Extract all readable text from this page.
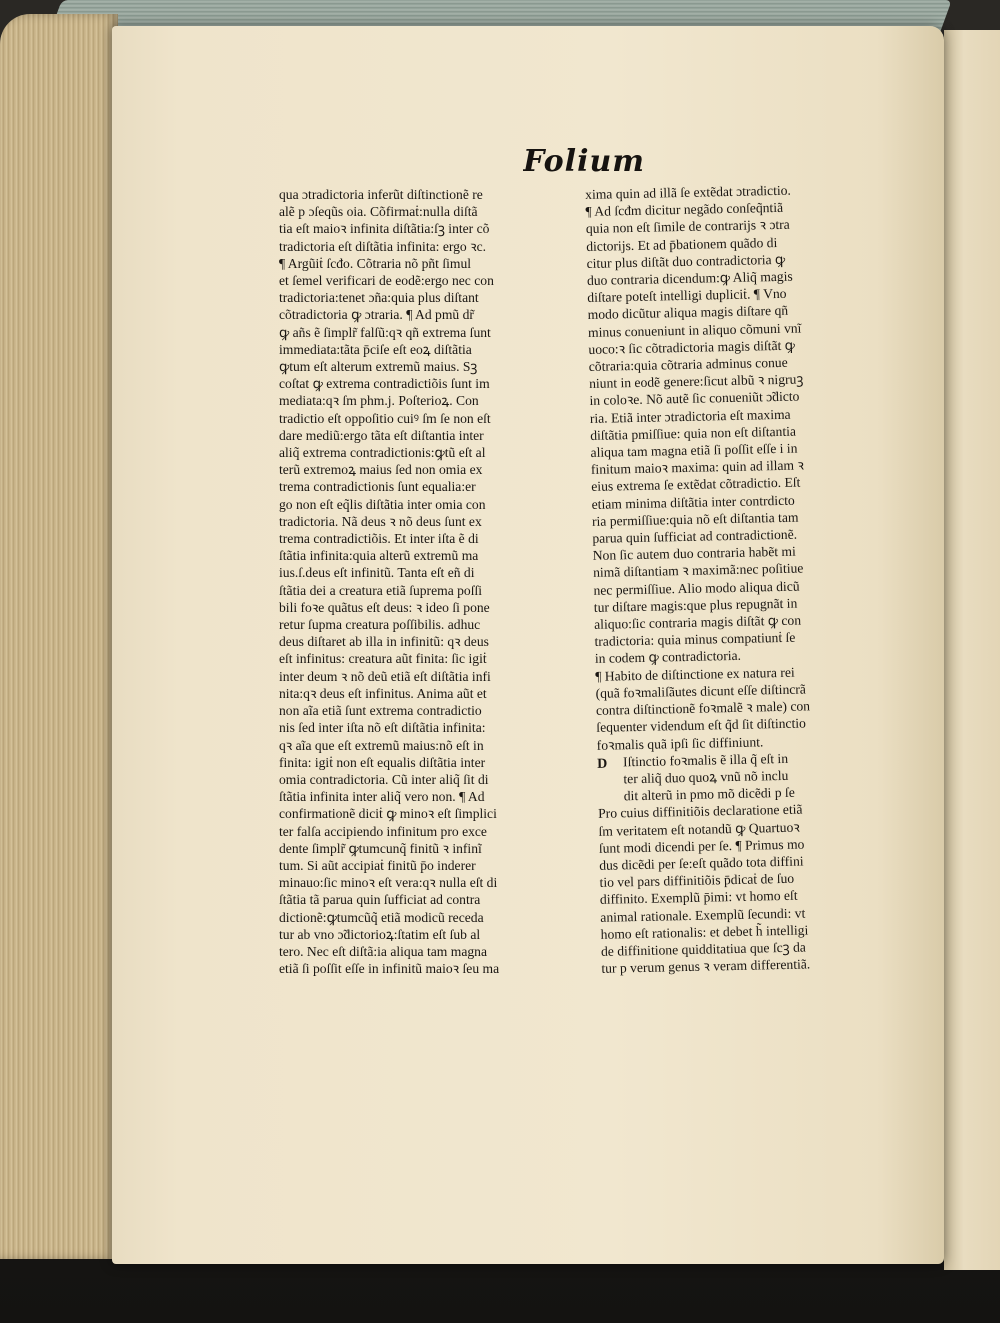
Folium
qua ɔtradictoria inferũt diſtinctionẽ re
alẽ p ɔſeqũs oia. Cõfirmaṫ:nulla diſtã
tia eſt maioꝛ infinita diſtãtia:ſꝫ inter cõ
tradictoria eſt diſtãtia infinita: ergo ꝛc.
¶ Argũiṫ ſcđo. Cõtraria nõ pñt ſimul
et ſemel verificari de eodẽ:ergo nec con
tradictoria:tenet ɔña:quia plus diſtant
cõtradictoria ꝙ ɔtraria. ¶ Ad pmũ dr̃
ꝙ añs ẽ ſimplr̃ falſũ:qꝛ qñ extrema ſunt
immediata:tãta p̄ciſe eſt eoꝝ diſtãtia
ꝙtum eſt alterum extremũ maius. Sꝫ
coſtat ꝙ extrema contradictiõis ſunt im
mediata:qꝛ ſm phm.j. Poſterioꝝ. Con
tradictio eſt oppoſitio cuiꝰ ſm ſe non eſt
dare mediũ:ergo tãta eſt diſtantia inter
aliq̃ extrema contradictionis:ꝙtũ eſt al
terũ extremoꝝ maius ſed non omia ex
trema contradictionis ſunt equalia:er
go non eſt eq̃lis diſtãtia inter omia con
tradictoria. Nã deus ꝛ nõ deus ſunt ex
trema contradictiõis. Et inter iſta ẽ di
ſtãtia infinita:quia alterũ extremũ ma
ius.ſ.deus eſt infinitũ. Tanta eſt eñ di
ſtãtia dei a creatura etiã ſuprema poſſi
bili foꝛe quãtus eſt deus: ꝛ ideo ſi pone
retur ſupma creatura poſſibilis. adhuc
deus diſtaret ab illa in infinitũ: qꝛ deus
eſt infinitus: creatura aũt finita: ſic igiṫ
inter deum ꝛ nõ deũ etiã eſt diſtãtia infi
nita:qꝛ deus eſt infinitus. Anima aũt et
non aĩa etiã ſunt extrema contradictio
nis ſed inter iſta nõ eſt diſtãtia infinita:
qꝛ aĩa que eſt extremũ maius:nõ eſt in
finita: igiṫ non eſt equalis diſtãtia inter
omia contradictoria. Cũ inter aliq̃ ſit di
ſtãtia infinita inter aliq̃ vero non. ¶ Ad
confirmationẽ diciṫ ꝙ minoꝛ eſt ſimplici
ter falſa accipiendo infinitum pro exce
dente ſimplr̃ ꝙtumcunq̃ finitũ ꝛ infinĩ
tum. Si aũt accipiaṫ finitũ p̄o inderer
minauo:ſic minoꝛ eſt vera:qꝛ nulla eſt di
ſtãtia tã parua quin ſufficiat ad contra
dictionẽ:ꝙtumcũq̃ etiã modicũ receda
tur ab vno ɔ̃dictorioꝝ:ſtatim eſt ſub al
tero. Nec eſt diſtã:ia aliqua tam magna
etiã ſi poſſit eſſe in infinitũ maioꝛ ſeu ma
xima quin ad illã ſe extẽdat ɔtradictio.
¶ Ad ſcđm dicitur negãdo conſeq̃ntiã
quia non eſt ſimile de contrarijs ꝛ ɔtra
dictorijs. Et ad p̄bationem quãdo di
citur plus diſtãt duo contradictoria ꝙ
duo contraria dicendum:ꝙ Aliq̃ magis
diſtare poteſt intelligi dupliciṫ. ¶ Vno
modo dicũtur aliqua magis diſtare qñ
minus conueniunt in aliquo cõmuni vnĩ
uoco:ꝛ ſic cõtradictoria magis diſtãt ꝙ
cõtraria:quia cõtraria adminus conue
niunt in eodẽ genere:ſicut albũ ꝛ nigruꝫ
in coloꝛe. Nõ autẽ ſic conueniũt ɔ̃dicto
ria. Etiã inter ɔtradictoria eſt maxima
diſtãtia pmiſſiue: quia non eſt diſtantia
aliqua tam magna etiã ſi poſſit eſſe i in
finitum maioꝛ maxima: quin ad illam ꝛ
eius extrema ſe extẽdat cõtradictio. Eſt
etiam minima diſtãtia inter contrdicto
ria permiſſiue:quia nõ eſt diſtantia tam
parua quin ſufficiat ad contradictionẽ.
Non ſic autem duo contraria habẽt mi
nimã diſtantiam ꝛ maximã:nec poſitiue
nec permiſſiue. Alio modo aliqua dicũ
tur diſtare magis:que plus repugnãt in
aliquo:ſic contraria magis diſtãt ꝙ con
tradictoria: quia minus compatiunṫ ſe
in codem ꝙ contradictoria.
¶ Habito de diſtinctione ex natura rei
(quã foꝛmaliſãutes dicunt eſſe diſtincrã
contra diſtinctionẽ foꝛmalẽ ꝛ male) con
ſequenter videndum eſt q̃d ſit diſtinctio
foꝛmalis quã ipſi ſic diffiniunt.
D	Iſtinctio foꝛmalis ẽ illa q̃ eſt in
ter aliq̃ duo quoꝝ vnũ nõ inclu
dit alterũ in pmo mõ dicẽdi p ſe
Pro cuius diffinitiõis declaratione etiã
ſm veritatem eſt notandũ ꝙ Quartuoꝛ
ſunt modi dicendi per ſe. ¶ Primus mo
dus dicẽdi per ſe:eſt quãdo tota diffini
tio vel pars diffinitiõis p̄dicaṫ de ſuo
diffinito. Exemplũ p̄imi: vt homo eſt
animal rationale. Exemplũ ſecundi: vt
homo eſt rationalis: et debet h̃ intelligi
de diffinitione quidditatiua que ſcꝫ da
tur p verum genus ꝛ veram differentiã.
